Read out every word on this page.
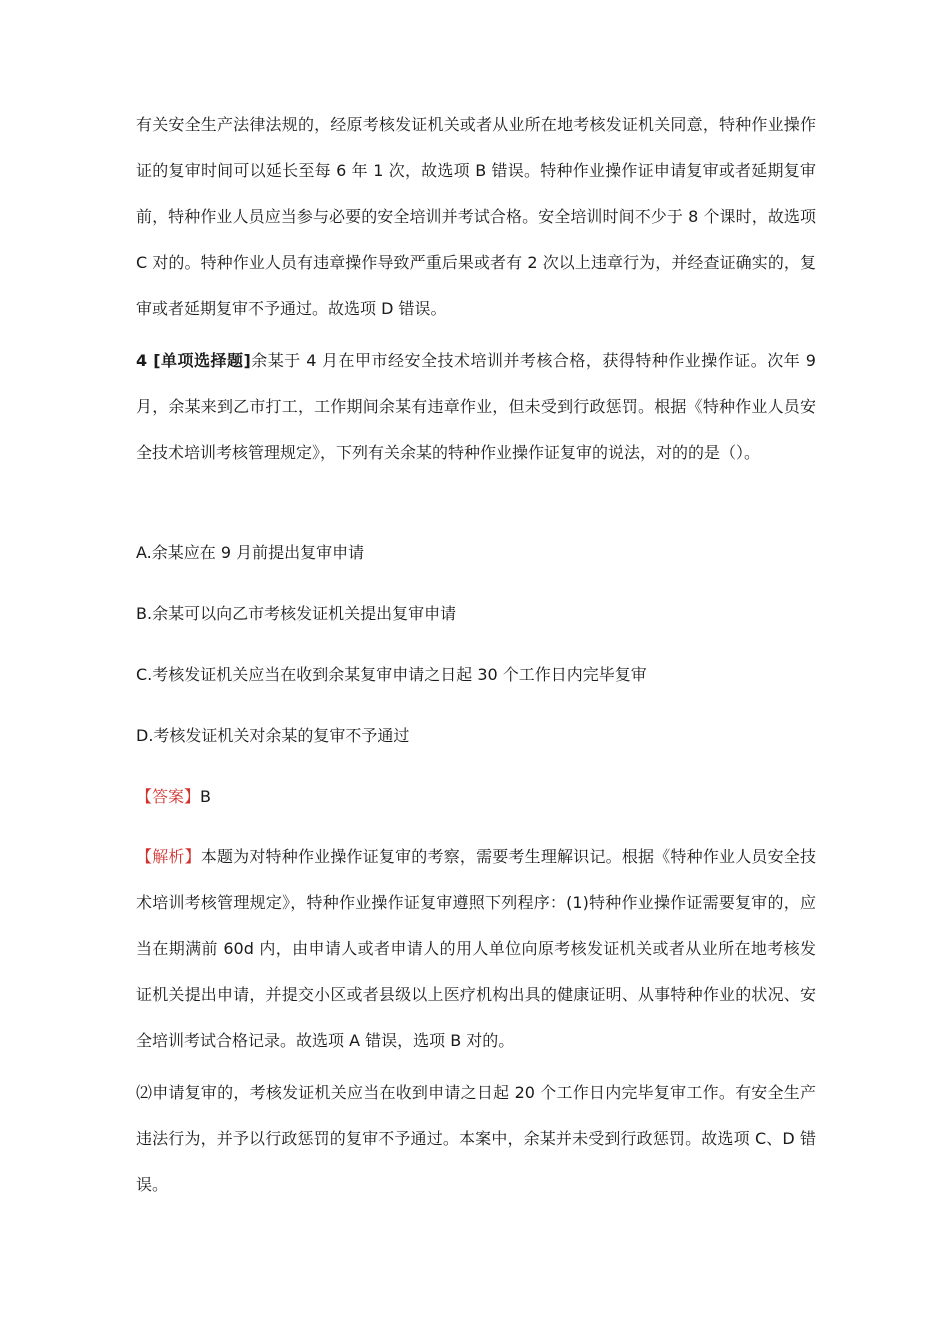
有关安全生产法律法规的，经原考核发证机关或者从业所在地考核发证机关同意，特种作业操作证的复审时间可以延长至每 6 年 1 次，故选项 B 错误。特种作业操作证申请复审或者延期复审前，特种作业人员应当参与必要的安全培训并考试合格。安全培训时间不少于 8 个课时，故选项 C 对的。特种作业人员有违章操作导致严重后果或者有 2 次以上违章行为，并经查证确实的，复审或者延期复审不予通过。故选项 D 错误。

4 [单项选择题]余某于 4 月在甲市经安全技术培训并考核合格，获得特种作业操作证。次年 9 月，余某来到乙市打工，工作期间余某有违章作业，但未受到行政惩罚。根据《特种作业人员安全技术培训考核管理规定》，下列有关余某的特种作业操作证复审的说法，对的的是（）。

A.余某应在 9 月前提出复审申请

B.余某可以向乙市考核发证机关提出复审申请

C.考核发证机关应当在收到余某复审申请之日起 30 个工作日内完毕复审

D.考核发证机关对余某的复审不予通过

【答案】B

【解析】本题为对特种作业操作证复审的考察，需要考生理解识记。根据《特种作业人员安全技术培训考核管理规定》，特种作业操作证复审遵照下列程序：(1)特种作业操作证需要复审的，应当在期满前 60d 内，由申请人或者申请人的用人单位向原考核发证机关或者从业所在地考核发证机关提出申请，并提交小区或者县级以上医疗机构出具的健康证明、从事特种作业的状况、安全培训考试合格记录。故选项 A 错误，选项 B 对的。

⑵申请复审的，考核发证机关应当在收到申请之日起 20 个工作日内完毕复审工作。有安全生产违法行为，并予以行政惩罚的复审不予通过。本案中，余某并未受到行政惩罚。故选项 C、D 错误。
